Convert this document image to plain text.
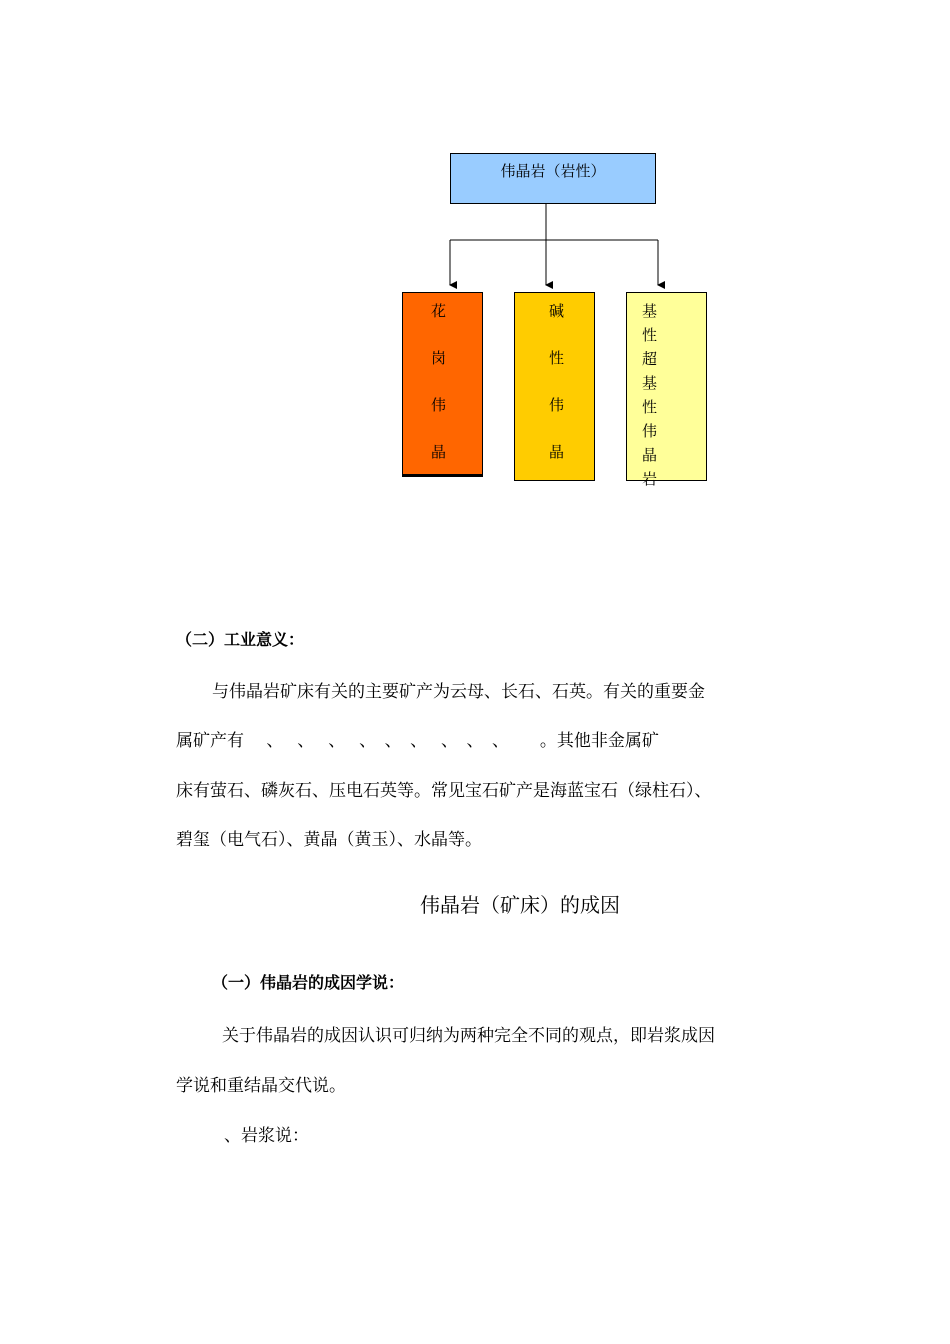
伟晶岩（岩性）
花
岗
伟
晶
碱
性
伟
晶
基
性
超
基
性
伟
晶
岩
（二）工业意义：
与伟晶岩矿床有关的主要矿产为云母、长石、石英。有关的重要金
属矿产有　 、　 、　 、　 、　、　、　 、　、　、　 　。其他非金属矿
床有萤石、磷灰石、压电石英等。常见宝石矿产是海蓝宝石（绿柱石）、
碧玺（电气石）、黄晶（黄玉）、水晶等。
伟晶岩（矿床）的成因
（一）伟晶岩的成因学说：
关于伟晶岩的成因认识可归纳为两种完全不同的观点，即岩浆成因
学说和重结晶交代说。
、岩浆说：
